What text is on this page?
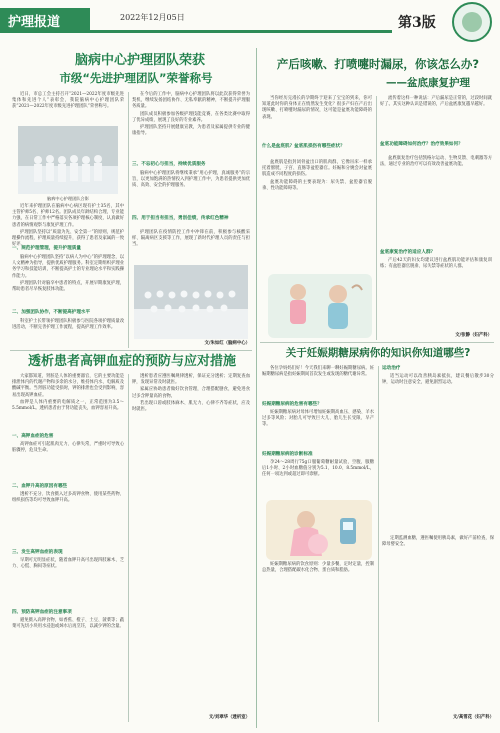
护理报道	2022年12月05日	第3版
脑病中心护理团队荣获
市级“先进护理团队”荣誉称号

近日，市总工会主持召开“2021—2022年度市级先进集体和先进个人”表彰会，我院脑病中心护理团队荣获“2021—2022年度市级先进护理团队”荣誉称号。

脑病中心护理团队合影

近年来护理团队在脑病中心病区现有护士35名，其中主管护师5名、护师12名。团队成员年龄结构合理，专业能力强，在日常工作中严格落实各项护理核心制度，认真做好患者的病情观察与康复护理工作。

护理团队坚持以“质量为先、安全第一”的原则，规范护理操作流程，护理质量持续提升，获得了患者及家属的一致好评。

一、规范护理管理，提升护理质量

脑病中心护理团队坚持“以病人为中心”的护理理念，以人文精神为指导，提供优质护理服务。科室定期组织护理业务学习和技能培训，不断提高护士的专业理论水平和实践操作能力。

护理团队针对脑卒中患者的特点，开展早期康复护理，帮助患者尽早恢复肢体功能。

二、加强团队协作，不断提高护理水平

科室护士长带领护理团队积极参与医院各项护理质量改进活动，不断完善护理工作流程，提高护理工作效率。

在今后的工作中，脑病中心护理团队将以此次获得荣誉为契机，继续发扬团结协作、无私奉献的精神，不断提升护理服务质量。

团队成员积极参加各级护理技能竞赛，在各类比赛中取得了优异成绩，展现了良好的专业素养。

护理团队坚持开展健康宣教，为患者及家属提供专业的健康指导。

三、不忘初心与担当，持续优质服务

脑病中心护理团队将继续秉承“用心护理，真诚服务”的宗旨，以更加饱满的热情投入到护理工作中，为患者提供更加优质、高效、安全的护理服务。

四、用于担当有担当，勇创佳绩，传承红色精神

护理团队在疫情防控工作中冲锋在前，积极参与核酸采样、隔离病区支援等工作，展现了新时代护理人员的责任与担当。

文/朱如红（脑病中心）
透析患者高钾血症的预防与应对措施

大家都知道，肾脏是人体的重要器官，它的主要功能是排泄体内的代谢产物和多余的水分，维持体内水、电解质及酸碱平衡。当肾脏功能受损时，钾的排泄也会受到影响，容易出现高钾血症。

血钾是人体内重要的电解质之一，正常范围为3.5～5.5mmol/L。透析患者由于肾功能丧失，血钾容易升高。

一、高钾血症的危害

高钾血症可引起肌肉无力、心律失常，严重时可导致心脏骤停，危及生命。

二、血钾升高的原因有哪些

透析不充分、饮食摄入过多高钾食物、使用某些药物、组织损伤等均可导致血钾升高。

三、发生高钾血症的表现

早期可无明显症状，随着血钾升高可出现四肢麻木、乏力、心慌、胸闷等症状。

四、预防高钾血症的注意事项

避免摄入高钾食物，如香蕉、橙子、土豆、菠菜等；蔬菜可先切小块用水浸泡或焯水后再烹饪，以减少钾的含量。

透析患者应遵医嘱规律透析，保证充分透析；定期复查血钾，发现异常及时就医。

家属应协助患者做好饮食管理，合理搭配膳食，避免进食过多含钾量高的食物。

若出现口唇或肢体麻木、肌无力、心律不齐等症状，应及时就医。

文/刘翠华（透析室）
产后咳嗽、打喷嚏时漏尿，你该怎么办?
——盆底康复护理

当你经历完漫长的孕期终于迎来了宝宝的到来，你可知道此时你的身体正在悄然发生变化？很多产妇在产后出现咳嗽、打喷嚏时漏尿的情况，这可能是盆底功能障碍的表现。

什么是盆底肌？盆底肌损伤有哪些症状？

盆底肌是指封闭骨盆出口的肌肉群，它像吊床一样承托着膀胱、子宫、直肠等盆腔器官。妊娠和分娩会对盆底肌造成不同程度的损伤。

盆底功能障碍的主要表现为：尿失禁、盆腔器官脱垂、性功能障碍等。

流传着这样一种说法：产后漏尿是正常的，过段时间就好了。其实这种认识是错误的，产后盆底康复越早越好。

盆底功能障碍如何治疗？治疗效果如何？

盆底康复治疗包括凯格尔运动、生物反馈、电刺激等方法，通过专业的治疗可以有效改善盆底功能。

盆底康复治疗的适应人群？

产后42天的妇女均建议进行盆底肌功能评估和康复训练；有盆腔器官脱垂、尿失禁等症状的人群。

文/张静（妇产科）
关于妊娠期糖尿病你的知识你知道哪些?

各位孕妈妈们好！今天我们来聊一聊妊娠期糖尿病。妊娠期糖尿病是指妊娠期间首次发生或发现的糖代谢异常。

妊娠期糖尿病的危害有哪些？

妊娠期糖尿病对母体可增加妊娠期高血压、感染、羊水过多等风险；对胎儿可导致巨大儿、胎儿生长受限、早产等。

妊娠期糖尿病的诊断标准

孕24～28周行75g口服葡萄糖耐量试验，空腹、服糖后1小时、2小时血糖值分别为5.1、10.0、8.5mmol/L，任何一项达到或超过即可诊断。

妊娠期糖尿病的饮食原则：少量多餐，定时定量，控制总热量，合理搭配碳水化合物、蛋白质和脂肪。

运动治疗

适当运动可以改善胰岛素抵抗，建议餐后散步30分钟，运动时注意安全，避免剧烈运动。

定期监测血糖，遵医嘱使用胰岛素，做好产前检查，保障母婴安全。

文/高雪花（妇产科）
